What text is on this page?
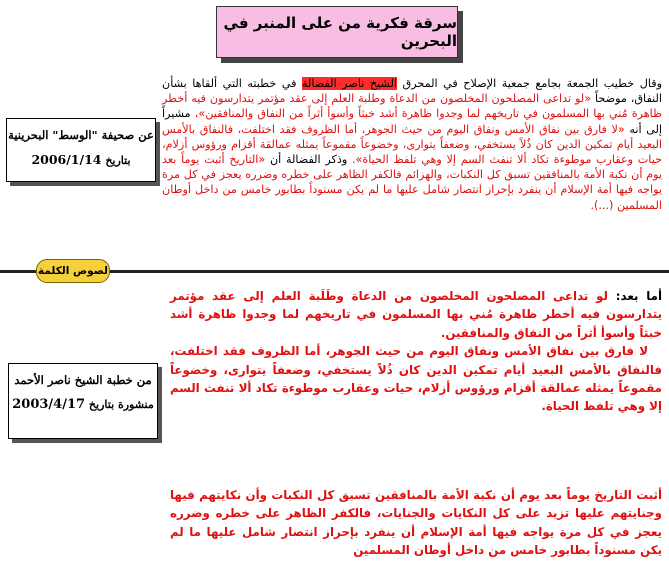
سرقة فكرية من على المنبر في البحرين
وقال خطيب الجمعة بجامع جمعية الإصلاح في المحرق الشيخ ناصر الفضالة في خطبته التي ألقاها بشأن النفاق، موضحاً «لو تداعى المصلحون المخلصون من الدعاة وطلبة العلم إلى عقد مؤتمر يتدارسون فيه أخطر ظاهرة مُني بها المسلمون في تاريخهم لما وجدوا ظاهرة أشد خبثاً وأسوأ أثراً من النفاق والمنافقين»، مشيراً إلى أنه «لا فارق بين نفاق الأمس ونفاق اليوم من حيث الجوهر، أما الظروف فقد اختلفت، فالنفاق بالأمس البعيد أيام تمكين الدين كان ذُلاً يستخفي، وضعفاً يتوارى، وخضوعاً مقموعاً يمثله عمالقة أقزام ورؤوس أزلام، حيات وعقارب موطوءة تكاد ألا تنفث السم إلا وهي تلفظ الحياة». وذكر الفضالة أن «التاريخ أثبت يوماً بعد يوم أن نكبة الأمة بالمنافقين تسبق كل النكبات، والهزائم فالكفر الظاهر على خطره وضرره يعجز في كل مرة يواجه فيها أمة الإسلام أن ينفرد بإحراز انتصار شامل عليها ما لم يكن مسنوداً بطابور خامس من داخل أوطان المسلمين (...).
عن صحيفة "الوسط" البحرينية
بتاريخ 2006/1/14
لصوص الكلمة

أما بعد: لو تداعى المصلحون المخلصون من الدعاة وطَلَبة العلم إلى عقد مؤتمر يتدارسون فيه أخطر ظاهرة مُني بها المسلمون في تاريخهم لما وجدوا ظاهرة أشد خبثاً وأسوأ أثراً من النفاق والمنافقين.

لا فارق بين نفاق الأمس ونفاق اليوم من حيث الجوهر، أما الظروف فقد اختلفت، فالنفاق بالأمس البعيد أيام تمكين الدين كان ذُلاً يستخفي، وضعفاً يتوارى، وخضوعاً مقموعاً يمثله عمالقة أقزام ورؤوس أزلام، حيات وعقارب موطوءة تكاد ألا تنفث السم إلا وهي تلفظ الحياة.

أثبت التاريخ يوماً بعد يوم أن نكبة الأمة بالمنافقين تسبق كل النكبات وأن نكايتهم فيها وجنايتهم عليها تزيد على كل النكايات والجنايات، فالكفر الظاهر على خطره وضرره يعجز في كل مرة يواجه فيها أمة الإسلام أن ينفرد بإحراز انتصار شامل عليها ما لم يكن مسنوداً بطابور خامس من داخل أوطان المسلمين

من خطبة الشيخ ناصر الأحمد
منشورة بتاريخ 2003/4/17
